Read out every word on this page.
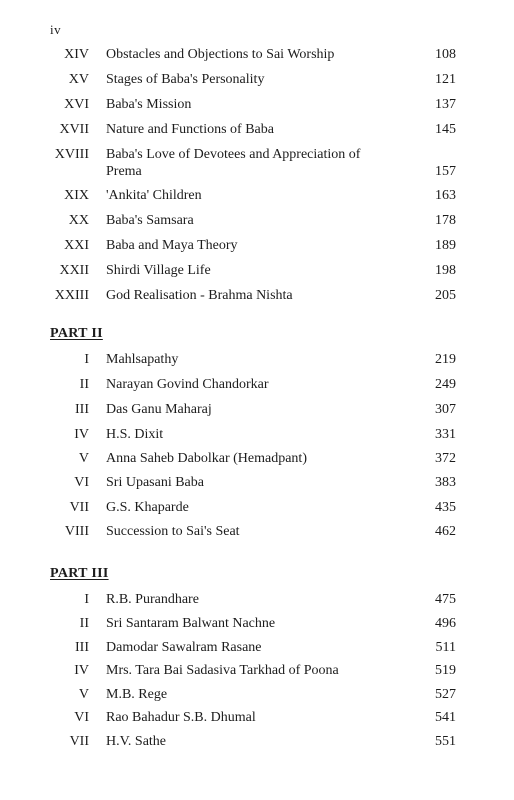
iv
XIV Obstacles and Objections to Sai Worship	108
XV Stages of Baba's Personality	121
XVI Baba's Mission	137
XVII Nature and Functions of Baba	145
XVIII Baba's Love of Devotees and Appreciation of Prema	157
XIX 'Ankita' Children	163
XX Baba's Samsara	178
XXI Baba and Maya Theory	189
XXII Shirdi Village Life	198
XXIII God Realisation - Brahma Nishta	205
PART II
I Mahlsapathy	219
II Narayan Govind Chandorkar	249
III Das Ganu Maharaj	307
IV H.S. Dixit	331
V Anna Saheb Dabolkar (Hemadpant)	372
VI Sri Upasani Baba	383
VII G.S. Khaparde	435
VIII Succession to Sai's Seat	462
PART III
I R.B. Purandhare	475
II Sri Santaram Balwant Nachne	496
III Damodar Sawalram Rasane	511
IV Mrs. Tara Bai Sadasiva Tarkhad of Poona	519
V M.B. Rege	527
VI Rao Bahadur S.B. Dhumal	541
VII H.V. Sathe	551
